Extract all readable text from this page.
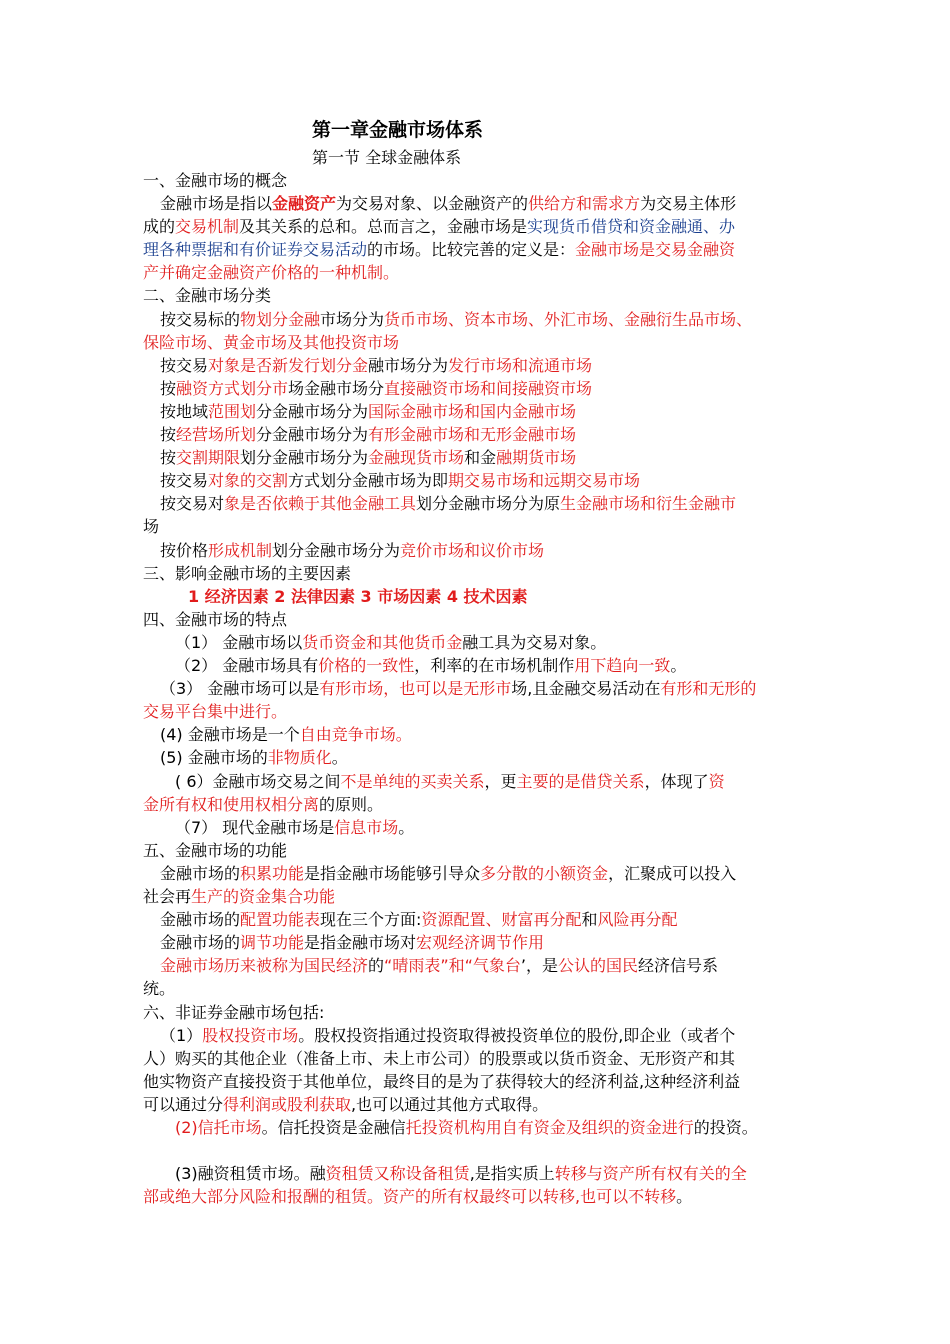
第一章金融市场体系
第一节 全球金融体系
一、金融市场的概念
金融市场是指以金融资产为交易对象、以金融资产的供给方和需求方为交易主体形
成的交易机制及其关系的总和。总而言之，金融市场是实现货币借贷和资金融通、办
理各种票据和有价证券交易活动的市场。比较完善的定义是：金融市场是交易金融资
产并确定金融资产价格的一种机制。
二、金融市场分类
按交易标的物划分金融市场分为货币市场、资本市场、外汇市场、金融衍生品市场、
保险市场、黄金市场及其他投资市场
按交易对象是否新发行划分金融市场分为发行市场和流通市场
按融资方式划分市场金融市场分直接融资市场和间接融资市场
按地域范围划分金融市场分为国际金融市场和国内金融市场
按经营场所划分金融市场分为有形金融市场和无形金融市场
按交割期限划分金融市场分为金融现货市场和金融期货市场
按交易对象的交割方式划分金融市场为即期交易市场和远期交易市场
按交易对象是否依赖于其他金融工具划分金融市场分为原生金融市场和衍生金融市
场
按价格形成机制划分金融市场分为竞价市场和议价市场
三、影响金融市场的主要因素
1 经济因素 2 法律因素 3 市场因素 4 技术因素
四、金融市场的特点
（1） 金融市场以货币资金和其他货币金融工具为交易对象。
（2） 金融市场具有价格的一致性，利率的在市场机制作用下趋向一致。
（3） 金融市场可以是有形市场，也可以是无形市场,且金融交易活动在有形和无形的
交易平台集中进行。
(4) 金融市场是一个自由竞争市场。
(5) 金融市场的非物质化。
( 6）金融市场交易之间不是单纯的买卖关系，更主要的是借贷关系，体现了资
金所有权和使用权相分离的原则。
（7） 现代金融市场是信息市场。
五、金融市场的功能
金融市场的积累功能是指金融市场能够引导众多分散的小额资金，汇聚成可以投入
社会再生产的资金集合功能
金融市场的配置功能表现在三个方面:资源配置、财富再分配和风险再分配
金融市场的调节功能是指金融市场对宏观经济调节作用
金融市场历来被称为国民经济的“晴雨表”和“气象台’，是公认的国民经济信号系
统。
六、非证券金融市场包括:
（1）股权投资市场。股权投资指通过投资取得被投资单位的股份,即企业（或者个
人）购买的其他企业（准备上市、未上市公司）的股票或以货币资金、无形资产和其
他实物资产直接投资于其他单位，最终目的是为了获得较大的经济利益,这种经济利益
可以通过分得利润或股利获取,也可以通过其他方式取得。
(2)信托市场。信托投资是金融信托投资机构用自有资金及组织的资金进行的投资。
(3)融资租赁市场。融资租赁又称设备租赁,是指实质上转移与资产所有权有关的全
部或绝大部分风险和报酬的租赁。资产的所有权最终可以转移,也可以不转移。
